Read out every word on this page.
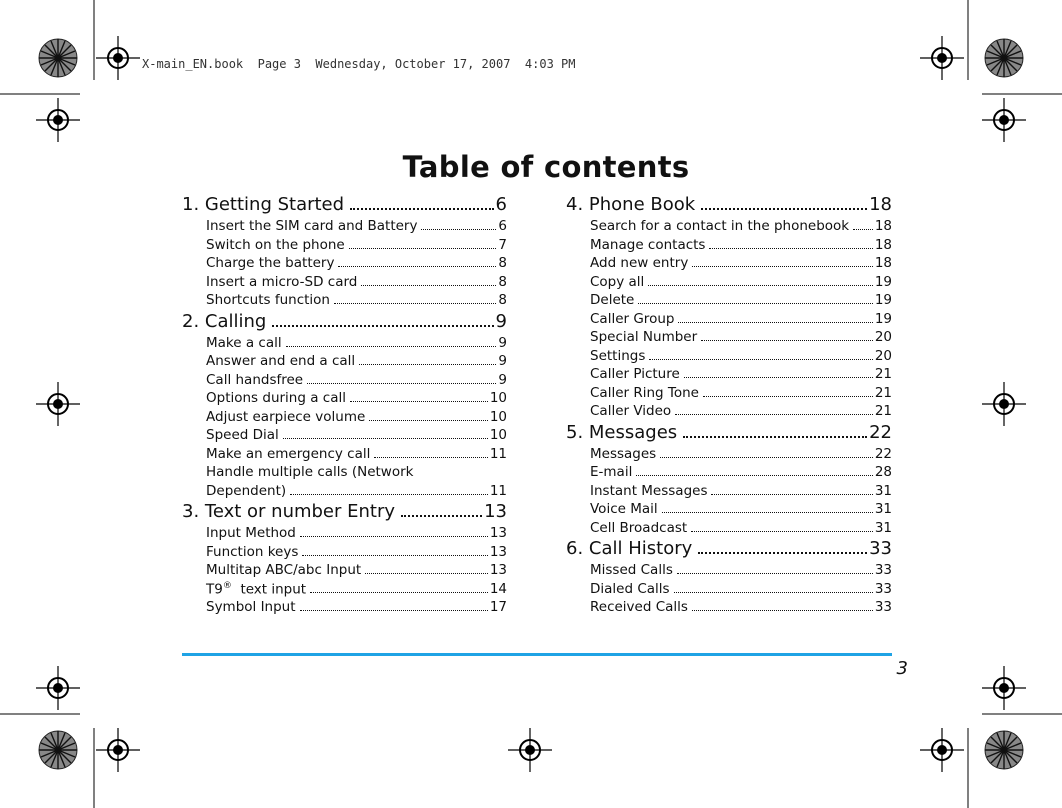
X-main_EN.book  Page 3  Wednesday, October 17, 2007  4:03 PM
Table of contents
1. Getting Started	6
Insert the SIM card and Battery	6
Switch on the phone	7
Charge the battery	8
Insert a micro-SD card	8
Shortcuts function	8
2. Calling	9
Make a call	9
Answer and end a call	9
Call handsfree	9
Options during a call	10
Adjust earpiece volume	10
Speed Dial	10
Make an emergency call	11
Handle multiple calls (Network
Dependent)	11
3. Text or number Entry	13
Input Method	13
Function keys	13
Multitap ABC/abc Input	13
T9® text input	14
Symbol Input	17
4. Phone Book	18
Search for a contact in the phonebook 18
Manage contacts	18
Add new entry	18
Copy all	19
Delete	19
Caller Group	19
Special Number	20
Settings	20
Caller Picture	21
Caller Ring Tone	21
Caller Video	21
5. Messages	22
Messages	22
E-mail	28
Instant Messages	31
Voice Mail	31
Cell Broadcast	31
6. Call History	33
Missed Calls	33
Dialed Calls	33
Received Calls	33
3
